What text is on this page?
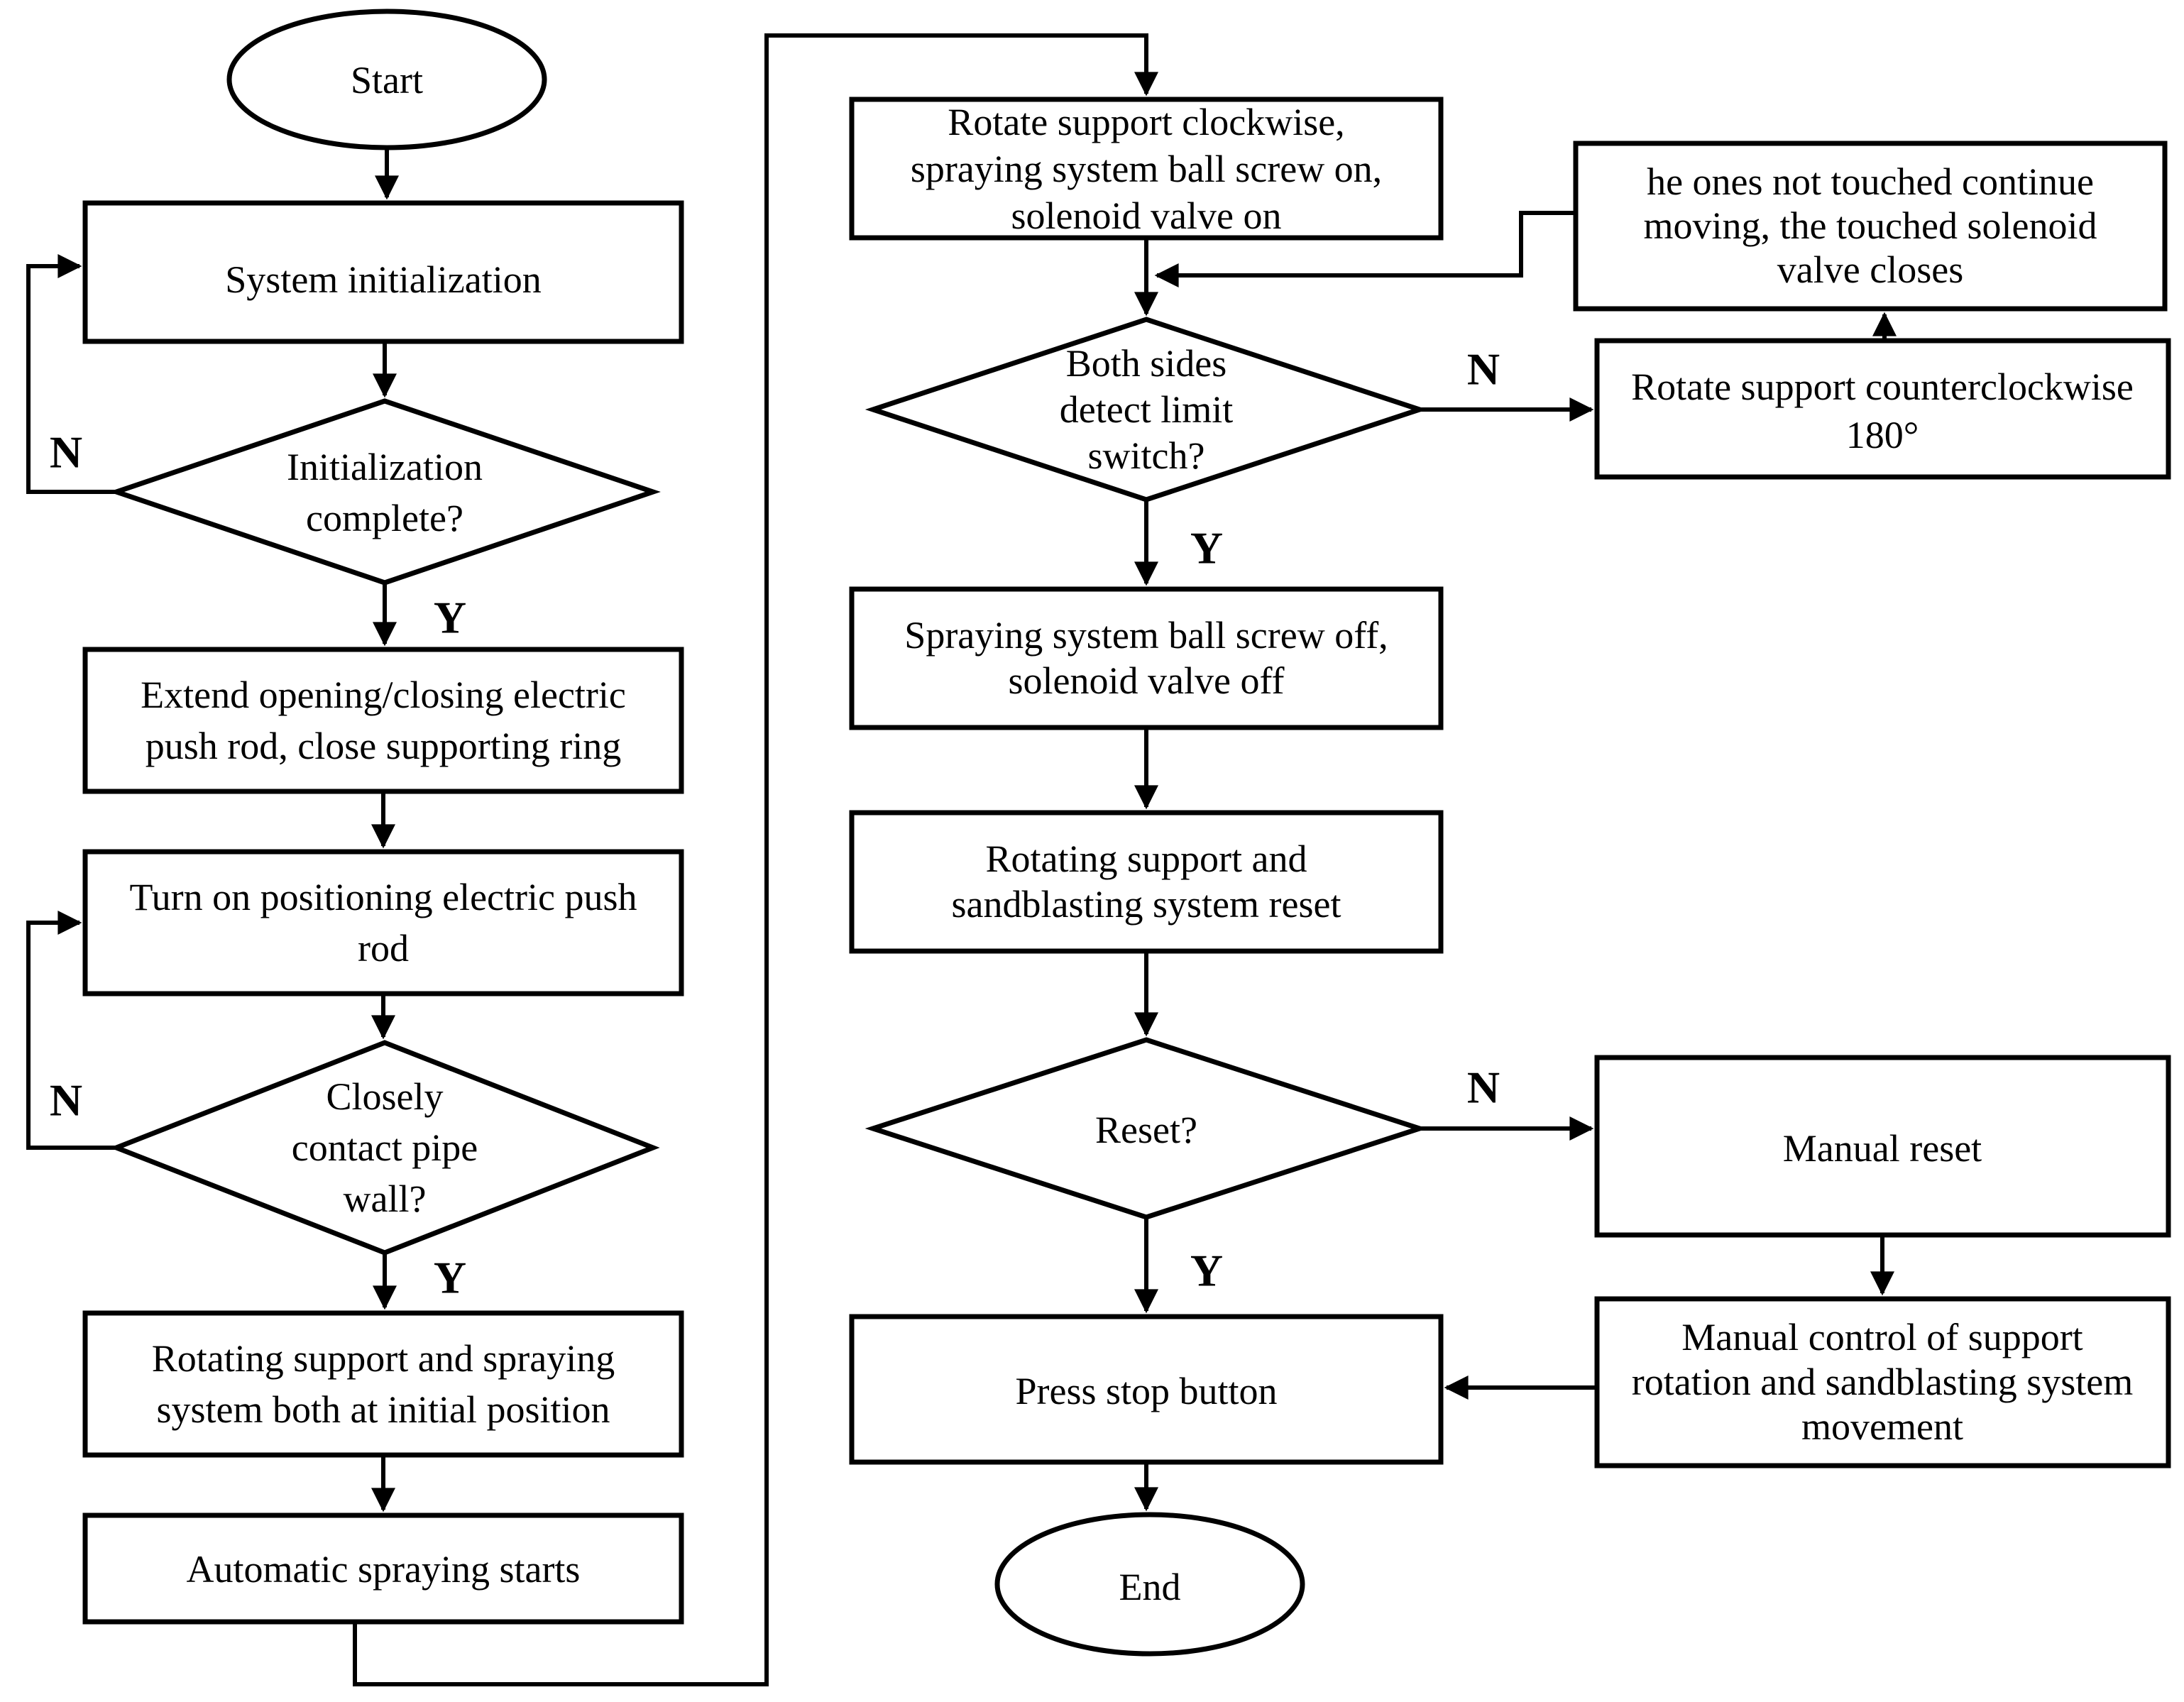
N
Y
N
Y
N
Y
N
Y
Start
System initialization
Initialization
complete?
Extend opening/closing electric
push rod, close supporting ring
Turn on positioning electric push
rod
Closely
contact pipe
wall?
Rotating support and spraying
system both at initial position
Automatic spraying starts
Rotate support clockwise,
spraying system ball screw on,
solenoid valve on
Both sides
detect limit
switch?
Spraying system ball screw off,
solenoid valve off
Rotating support and
sandblasting system reset
Reset?
Press stop button
End
he ones not touched continue
moving, the touched solenoid
valve closes
Rotate support counterclockwise
180°
Manual reset
Manual control of support
rotation and sandblasting system
movement
